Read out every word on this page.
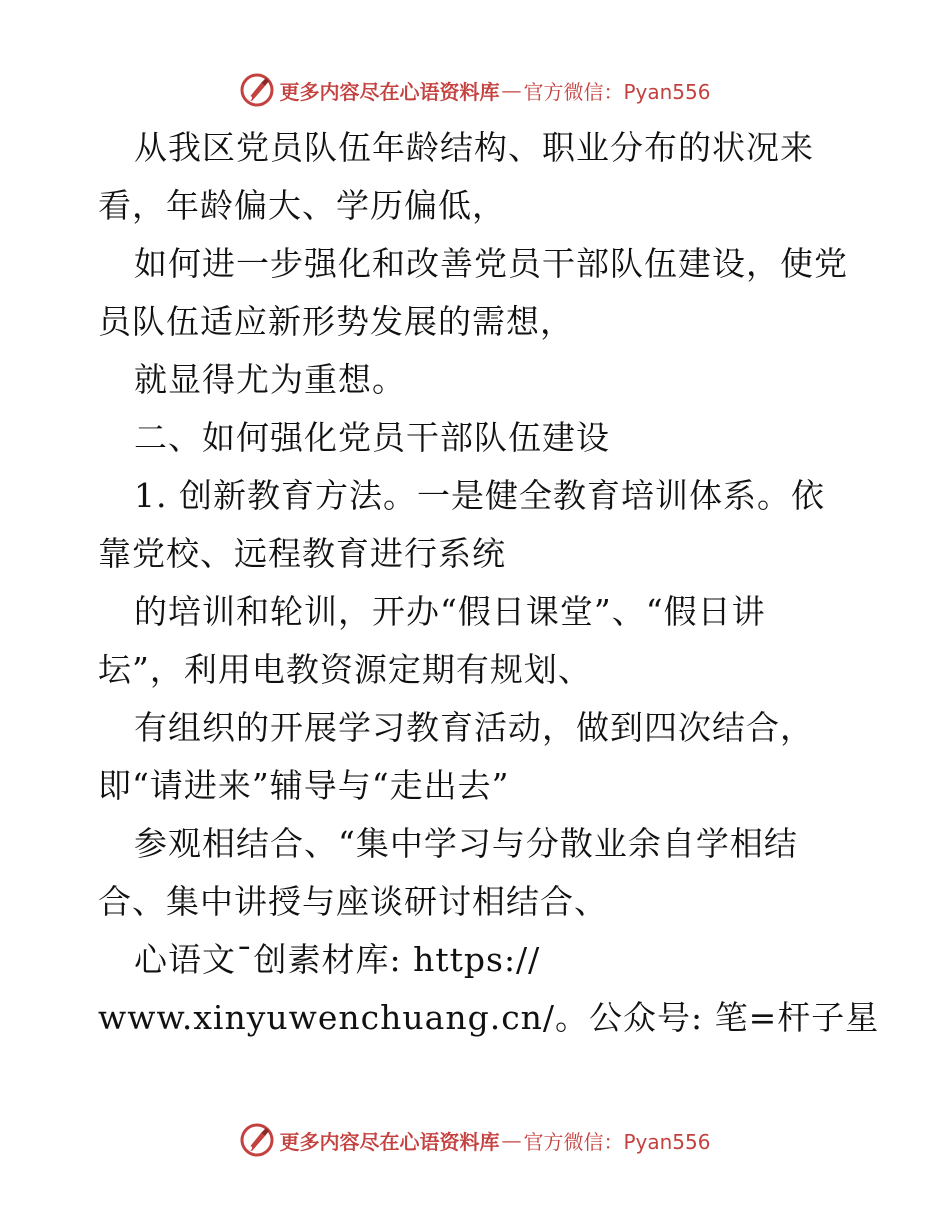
更多内容尽在心语资料库 — 官方微信：Pyan556
从我区党员队伍年龄结构、职业分布的状况来
看，年龄偏大、学历偏低，
如何进一步强化和改善党员干部队伍建设，使党
员队伍适应新形势发展的需想，
就显得尤为重想。
二、如何强化党员干部队伍建设
1. 创新教育方法。一是健全教育培训体系。依
靠党校、远程教育进行系统
的培训和轮训，开办“假日课堂”、“假日讲
坛”，利用电教资源定期有规划、
有组织的开展学习教育活动，做到四次结合，
即“请进来”辅导与“走出去”
参观相结合、“集中学习与分散业余自学相结
合、集中讲授与座谈研讨相结合、
心语文¯创素材库: https://
www.xinyuwenchuang.cn/。公众号: 笔=杆子星
更多内容尽在心语资料库 — 官方微信：Pyan556
